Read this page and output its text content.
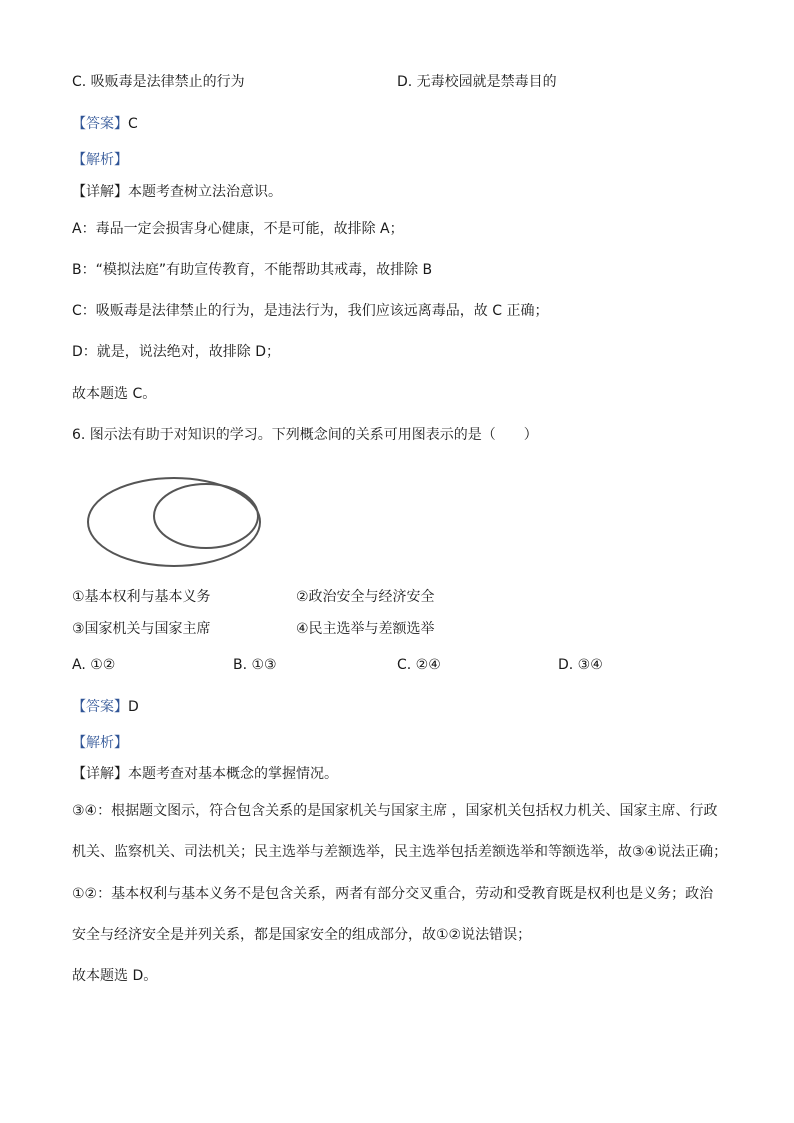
C. 吸贩毒是法律禁止的行为	D. 无毒校园就是禁毒目的
【答案】C
【解析】
【详解】本题考查树立法治意识。
A：毒品一定会损害身心健康，不是可能，故排除 A；
B：“模拟法庭”有助宣传教育，不能帮助其戒毒，故排除 B
C：吸贩毒是法律禁止的行为，是违法行为，我们应该远离毒品，故 C 正确；
D：就是，说法绝对，故排除 D；
故本题选 C。
6. 图示法有助于对知识的学习。下列概念间的关系可用图表示的是（　　）
①基本权利与基本义务	②政治安全与经济安全
③国家机关与国家主席	④民主选举与差额选举
A. ①②	B. ①③	C. ②④	D. ③④
【答案】D
【解析】
【详解】本题考查对基本概念的掌握情况。
③④：根据题文图示，符合包含关系的是国家机关与国家主席 ，国家机关包括权力机关、国家主席、行政
机关、监察机关、司法机关；民主选举与差额选举，民主选举包括差额选举和等额选举，故③④说法正确；
①②：基本权利与基本义务不是包含关系，两者有部分交叉重合，劳动和受教育既是权利也是义务；政治
安全与经济安全是并列关系，都是国家安全的组成部分，故①②说法错误；
故本题选 D。
